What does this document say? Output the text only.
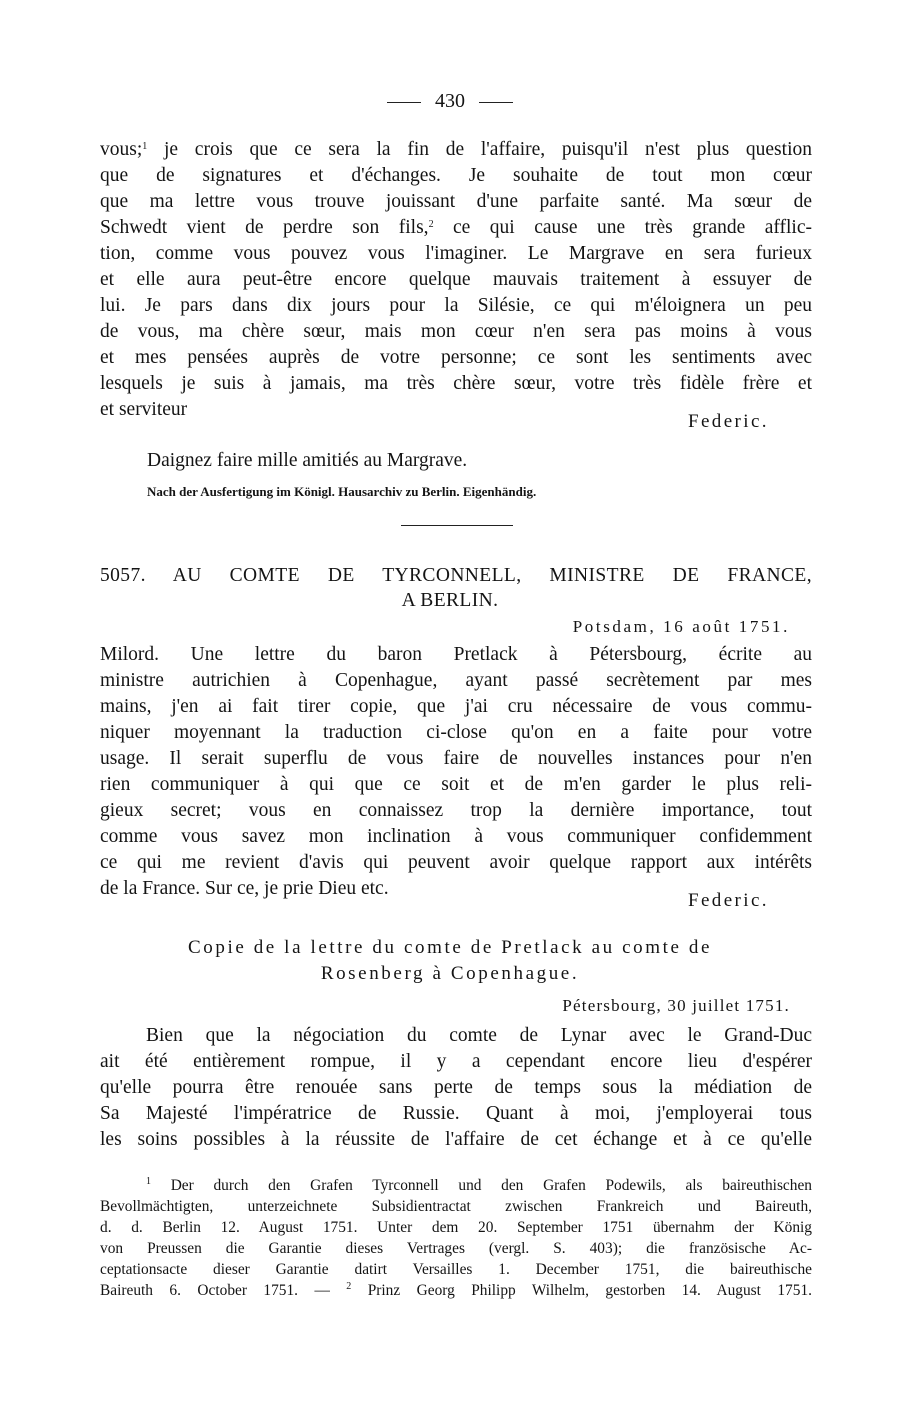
430
vous;$^1$ je crois que ce sera la fin de l'affaire, puisqu'il n'est plus question
que de signatures et d'échanges. Je souhaite de tout mon cœur
que ma lettre vous trouve jouissant d'une parfaite santé. Ma sœur de
Schwedt vient de perdre son fils,$^2$ ce qui cause une très grande afflic-
tion, comme vous pouvez vous l'imaginer. Le Margrave en sera furieux
et elle aura peut-être encore quelque mauvais traitement à essuyer de
lui. Je pars dans dix jours pour la Silésie, ce qui m'éloignera un peu
de vous, ma chère sœur, mais mon cœur n'en sera pas moins à vous
et mes pensées auprès de votre personne; ce sont les sentiments avec
lesquels je suis à jamais, ma très chère sœur, votre très fidèle frère et
et serviteur
Federic.
Daignez faire mille amitiés au Margrave.
Nach der Ausfertigung im Königl. Hausarchiv zu Berlin. Eigenhändig.
5057. AU COMTE DE TYRCONNELL, MINISTRE DE FRANCE,
A BERLIN.
Potsdam, 16 août 1751.
Milord. Une lettre du baron Pretlack à Pétersbourg, écrite au
ministre autrichien à Copenhague, ayant passé secrètement par mes
mains, j'en ai fait tirer copie, que j'ai cru nécessaire de vous commu-
niquer moyennant la traduction ci-close qu'on en a faite pour votre
usage. Il serait superflu de vous faire de nouvelles instances pour n'en
rien communiquer à qui que ce soit et de m'en garder le plus reli-
gieux secret; vous en connaissez trop la dernière importance, tout
comme vous savez mon inclination à vous communiquer confidemment
ce qui me revient d'avis qui peuvent avoir quelque rapport aux intérêts
de la France. Sur ce, je prie Dieu etc.
Federic.
Copie de la lettre du comte de Pretlack au comte de
Rosenberg à Copenhague.
Pétersbourg, 30 juillet 1751.
Bien que la négociation du comte de Lynar avec le Grand-Duc
ait été entièrement rompue, il y a cependant encore lieu d'espérer
qu'elle pourra être renouée sans perte de temps sous la médiation de
Sa Majesté l'impératrice de Russie. Quant à moi, j'employerai tous
les soins possibles à la réussite de l'affaire de cet échange et à ce qu'elle
$^1$ Der durch den Grafen Tyrconnell und den Grafen Podewils, als baireuthischen
Bevollmächtigten, unterzeichnete Subsidientractat zwischen Frankreich und Baireuth,
d. d. Berlin 12. August 1751. Unter dem 20. September 1751 übernahm der König
von Preussen die Garantie dieses Vertrages (vergl. S. 403); die französische Ac-
ceptationsacte dieser Garantie datirt Versailles 1. December 1751, die baireuthische
Baireuth 6. October 1751. — $^2$ Prinz Georg Philipp Wilhelm, gestorben 14. August 1751.
